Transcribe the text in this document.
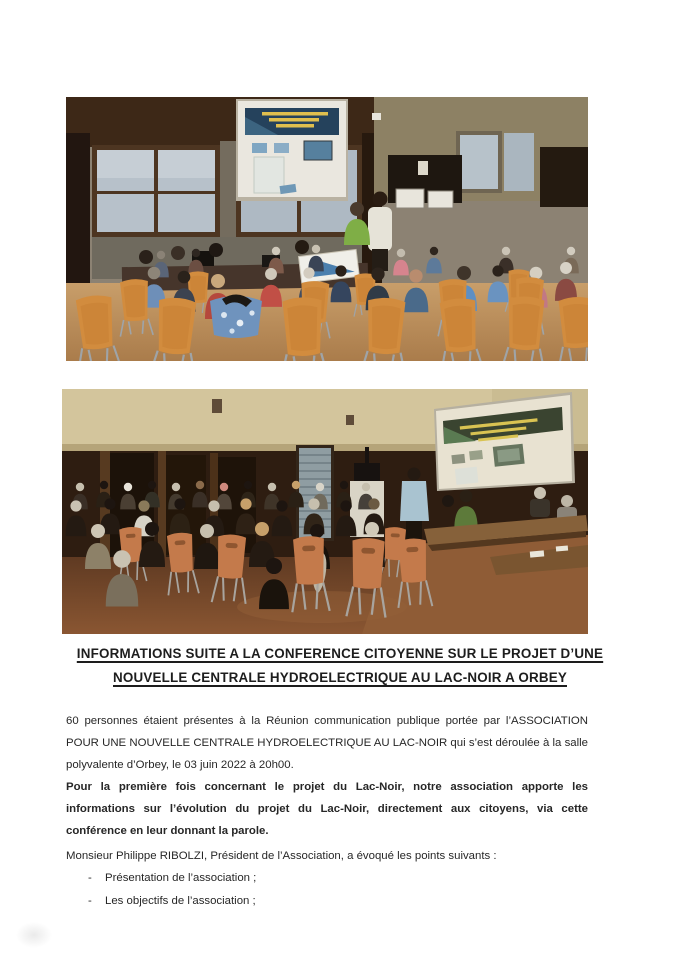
INFORMATIONS SUITE A LA CONFERENCE CITOYENNE SUR LE PROJET D’UNE
NOUVELLE CENTRALE HYDROELECTRIQUE AU LAC-NOIR A ORBEY

60 personnes étaient présentes à la Réunion communication publique portée par l’ASSOCIATION POUR UNE NOUVELLE CENTRALE HYDROELECTRIQUE AU LAC-NOIR qui s’est déroulée à la salle polyvalente d’Orbey, le 03 juin 2022 à 20h00.

Pour la première fois concernant le projet du Lac-Noir, notre association apporte les informations sur l’évolution du projet du Lac-Noir, directement aux citoyens, via cette conférence en leur donnant la parole.

Monsieur Philippe RIBOLZI, Président de l’Association, a évoqué les points suivants :

-	Présentation de l’association ;
-	Les objectifs de l’association ;
